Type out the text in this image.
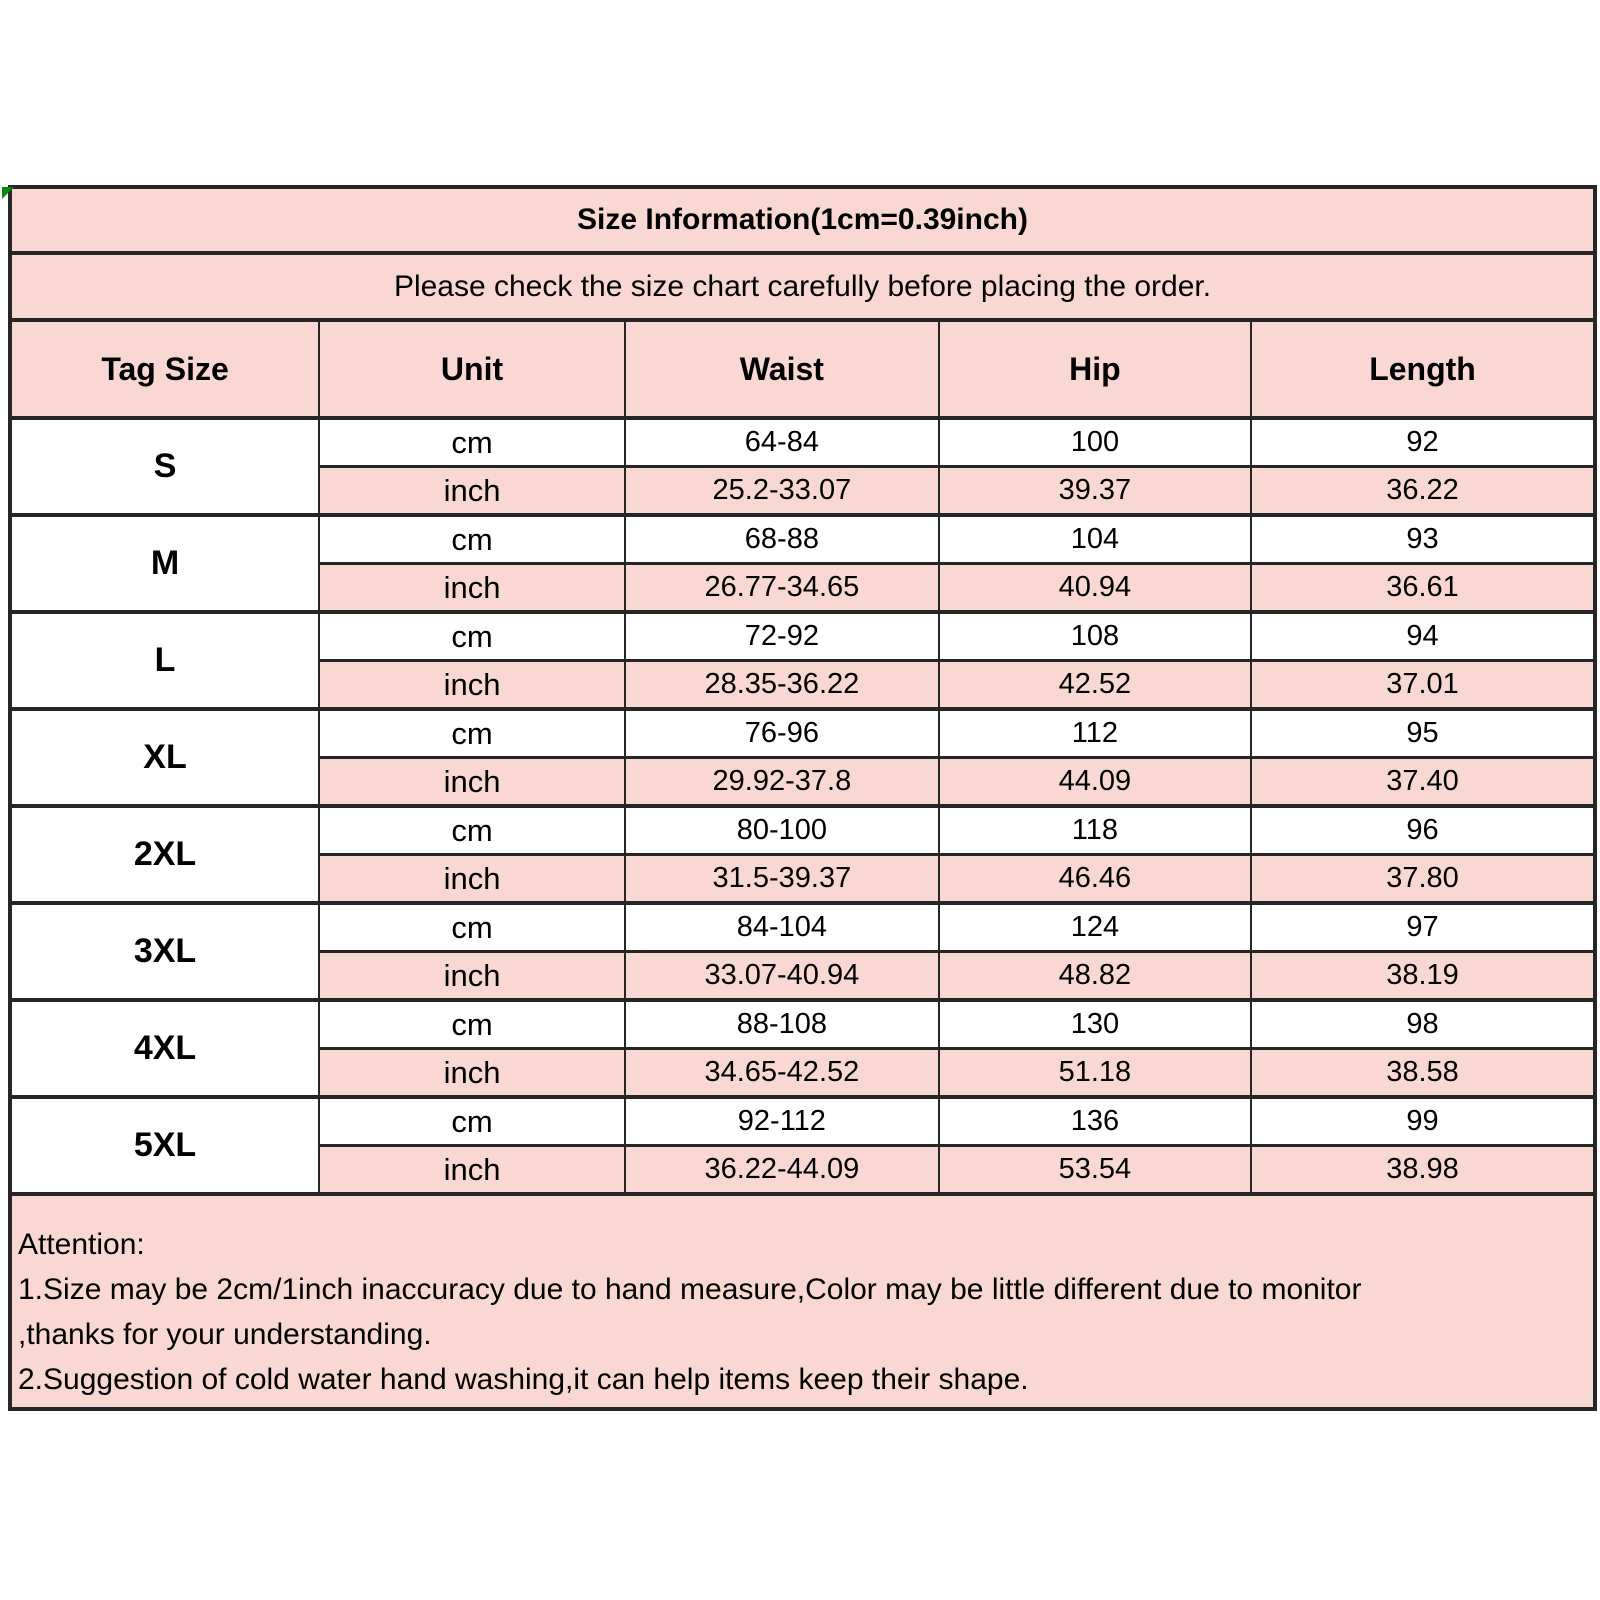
Size Information(1cm=0.39inch)				
Please check the size chart carefully before placing the order.				
Tag Size	Unit	Waist	Hip	Length
S	cm	64-84	100	92
	inch	25.2-33.07	39.37	36.22
M	cm	68-88	104	93
	inch	26.77-34.65	40.94	36.61
L	cm	72-92	108	94
	inch	28.35-36.22	42.52	37.01
XL	cm	76-96	112	95
	inch	29.92-37.8	44.09	37.40
2XL	cm	80-100	118	96
	inch	31.5-39.37	46.46	37.80
3XL	cm	84-104	124	97
	inch	33.07-40.94	48.82	38.19
4XL	cm	88-108	130	98
	inch	34.65-42.52	51.18	38.58
5XL	cm	92-112	136	99
	inch	36.22-44.09	53.54	38.98

Attention:

1.Size may be 2cm/1inch inaccuracy due to hand measure,Color may be little different due to monitor

,thanks for your understanding.

2.Suggestion of cold water hand washing,it can help items keep their shape.
